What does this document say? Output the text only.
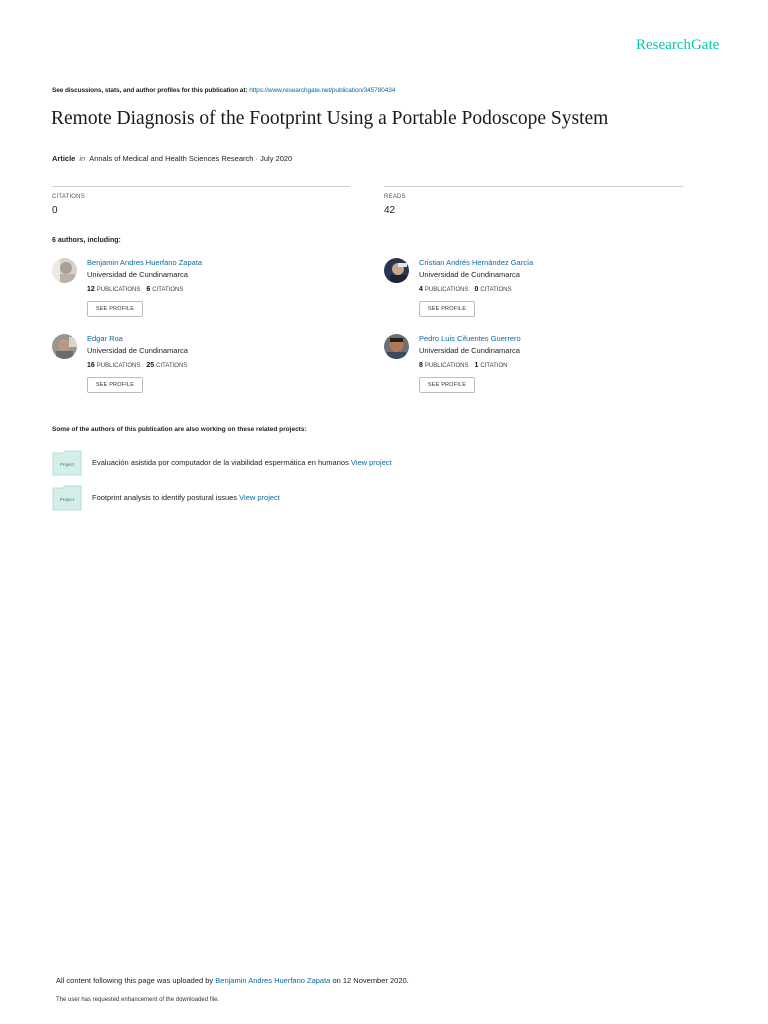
ResearchGate
See discussions, stats, and author profiles for this publication at: https://www.researchgate.net/publication/345780434
Remote Diagnosis of the Footprint Using a Portable Podoscope System
Article in Annals of Medical and Health Sciences Research · July 2020
CITATIONS
0
READS
42
6 authors, including:
Benjamin Andres Huerfano Zapata
Universidad de Cundinamarca
12 PUBLICATIONS 6 CITATIONS
SEE PROFILE
Cristian Andrés Hernández García
Universidad de Cundinamarca
4 PUBLICATIONS 0 CITATIONS
SEE PROFILE
Edgar Roa
Universidad de Cundinamarca
16 PUBLICATIONS 25 CITATIONS
SEE PROFILE
Pedro Luis Cifuentes Guerrero
Universidad de Cundinamarca
8 PUBLICATIONS 1 CITATION
SEE PROFILE
Some of the authors of this publication are also working on these related projects:
Project Evaluación asistida por computador de la viabilidad espermática en humanos View project
Project Footprint analysis to identify postural issues View project
All content following this page was uploaded by Benjamin Andres Huerfano Zapata on 12 November 2020.
The user has requested enhancement of the downloaded file.
